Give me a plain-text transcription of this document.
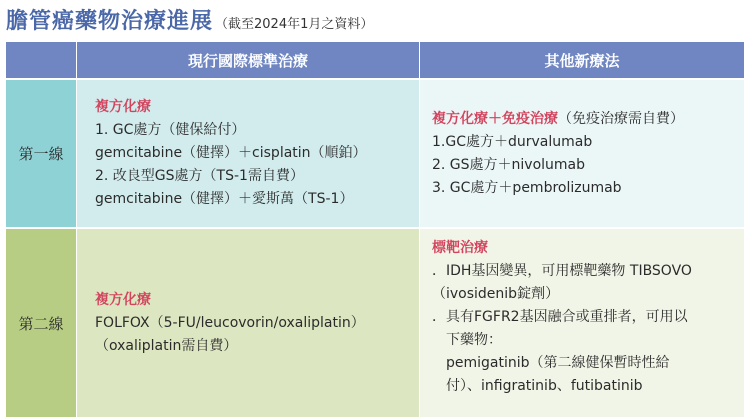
膽管癌藥物治療進展 （截至2024年1月之資料）
現行國際標準治療	其他新療法
第一線
複方化療
1. GC處方（健保給付）
gemcitabine（健擇）＋cisplatin（順鉑）
2. 改良型GS處方（TS-1需自費）
gemcitabine（健擇）＋愛斯萬（TS-1）
複方化療＋免疫治療（免疫治療需自費）
1.GC處方＋durvalumab
2. GS處方＋nivolumab
3. GC處方＋pembrolizumab
第二線
複方化療
FOLFOX（5-FU/leucovorin/oxaliplatin）
（oxaliplatin需自費）
標靶治療
．IDH基因變異，可用標靶藥物 TIBSOVO
（ivosidenib錠劑）
．具有FGFR2基因融合或重排者，可用以
下藥物：
pemigatinib（第二線健保暫時性給
付）、infigratinib、futibatinib
